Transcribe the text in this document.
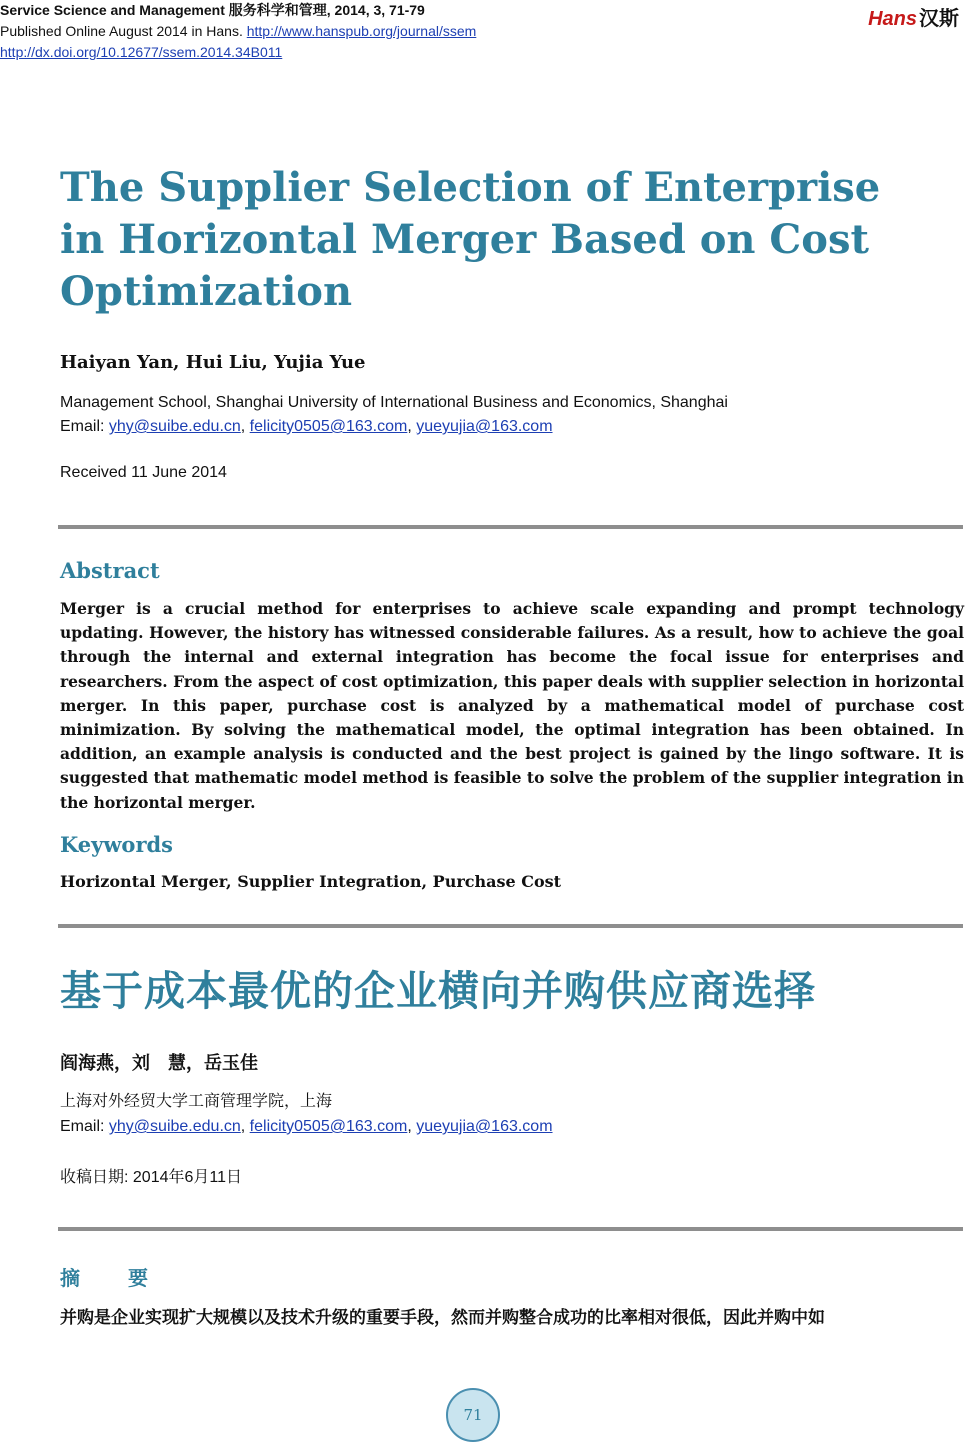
Service Science and Management 服务科学和管理, 2014, 3, 71-79
Published Online August 2014 in Hans. http://www.hanspub.org/journal/ssem
http://dx.doi.org/10.12677/ssem.2014.34B011
Hans 汉斯
The Supplier Selection of Enterprise in Horizontal Merger Based on Cost Optimization
Haiyan Yan, Hui Liu, Yujia Yue
Management School, Shanghai University of International Business and Economics, Shanghai
Email: yhy@suibe.edu.cn, felicity0505@163.com, yueyujia@163.com
Received 11 June 2014
Abstract

Merger is a crucial method for enterprises to achieve scale expanding and prompt technology updating. However, the history has witnessed considerable failures. As a result, how to achieve the goal through the internal and external integration has become the focal issue for enterprises and researchers. From the aspect of cost optimization, this paper deals with supplier selection in horizontal merger. In this paper, purchase cost is analyzed by a mathematical model of purchase cost minimization. By solving the mathematical model, the optimal integration has been obtained. In addition, an example analysis is conducted and the best project is gained by the lingo software. It is suggested that mathematic model method is feasible to solve the problem of the supplier integration in the horizontal merger.

Keywords
Horizontal Merger, Supplier Integration, Purchase Cost
基于成本最优的企业横向并购供应商选择
阎海燕，刘　慧，岳玉佳
上海对外经贸大学工商管理学院，上海
Email: yhy@suibe.edu.cn, felicity0505@163.com, yueyujia@163.com
收稿日期: 2014年6月11日
摘　要
并购是企业实现扩大规模以及技术升级的重要手段，然而并购整合成功的比率相对很低，因此并购中如
71
